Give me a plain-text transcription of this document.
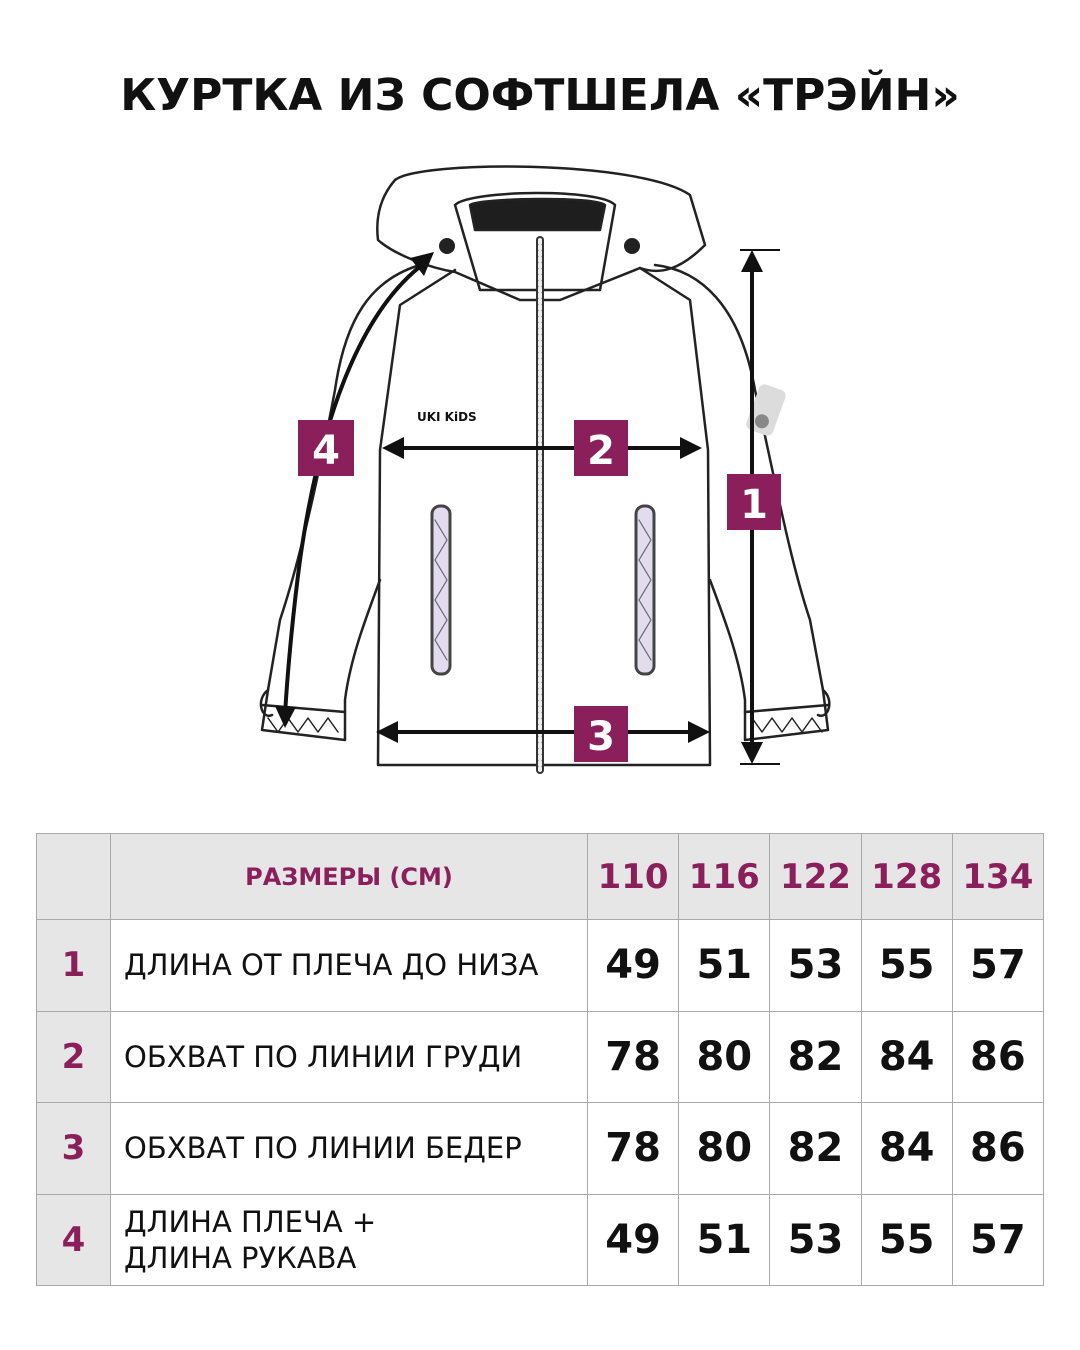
КУРТКА ИЗ СОФТШЕЛА «ТРЭЙН»
UKI KiDS
1
2
3
4
	РАЗМЕРЫ (СМ)	110	116	122	128	134
1	ДЛИНА ОТ ПЛЕЧА ДО НИЗА	49	51	53	55	57
2	ОБХВАТ ПО ЛИНИИ ГРУДИ	78	80	82	84	86
3	ОБХВАТ ПО ЛИНИИ БЕДЕР	78	80	82	84	86
4	ДЛИНА ПЛЕЧА +
ДЛИНА РУКАВА	49	51	53	55	57
